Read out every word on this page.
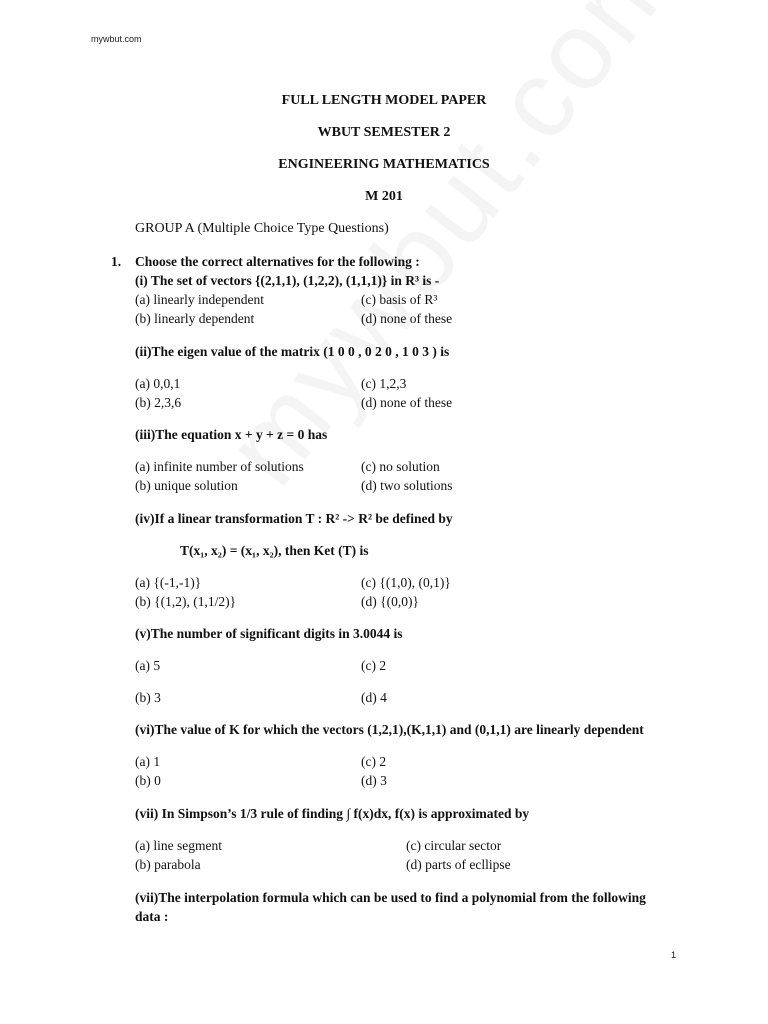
mywbut.com
FULL LENGTH MODEL PAPER
WBUT SEMESTER 2
ENGINEERING MATHEMATICS
M 201
GROUP A (Multiple Choice Type Questions)
1. Choose the correct alternatives for the following :
(i) The set of vectors {(2,1,1), (1,2,2), (1,1,1)} in R³ is -
(a) linearly independent	(c) basis of R³
(b) linearly dependent	(d) none of these
(ii)The eigen value of the matrix (1 0 0 , 0 2 0 , 1 0 3 ) is
(a) 0,0,1	(c) 1,2,3
(b) 2,3,6	(d) none of these
(iii)The equation x + y + z = 0 has
(a) infinite number of solutions	(c) no solution
(b) unique solution	(d) two solutions
(iv)If a linear transformation T : R² -> R² be defined by
T(x₁, x₂) = (x₁, x₂), then Ket (T) is
(a) {(-1,-1)}	(c) {(1,0), (0,1)}
(b) {(1,2), (1,1/2)}	(d) {(0,0)}
(v)The number of significant digits in 3.0044 is
(a) 5	(c) 2
(b) 3	(d) 4
(vi)The value of K for which the vectors (1,2,1),(K,1,1) and (0,1,1) are linearly dependent
(a) 1	(c) 2
(b) 0	(d) 3
(vii) In Simpson’s 1/3 rule of finding ∫ f(x)dx, f(x) is approximated by
(a) line segment	(c) circular sector
(b) parabola	(d) parts of ecllipse
(vii)The interpolation formula which can be used to find a polynomial from the following
data :
1
